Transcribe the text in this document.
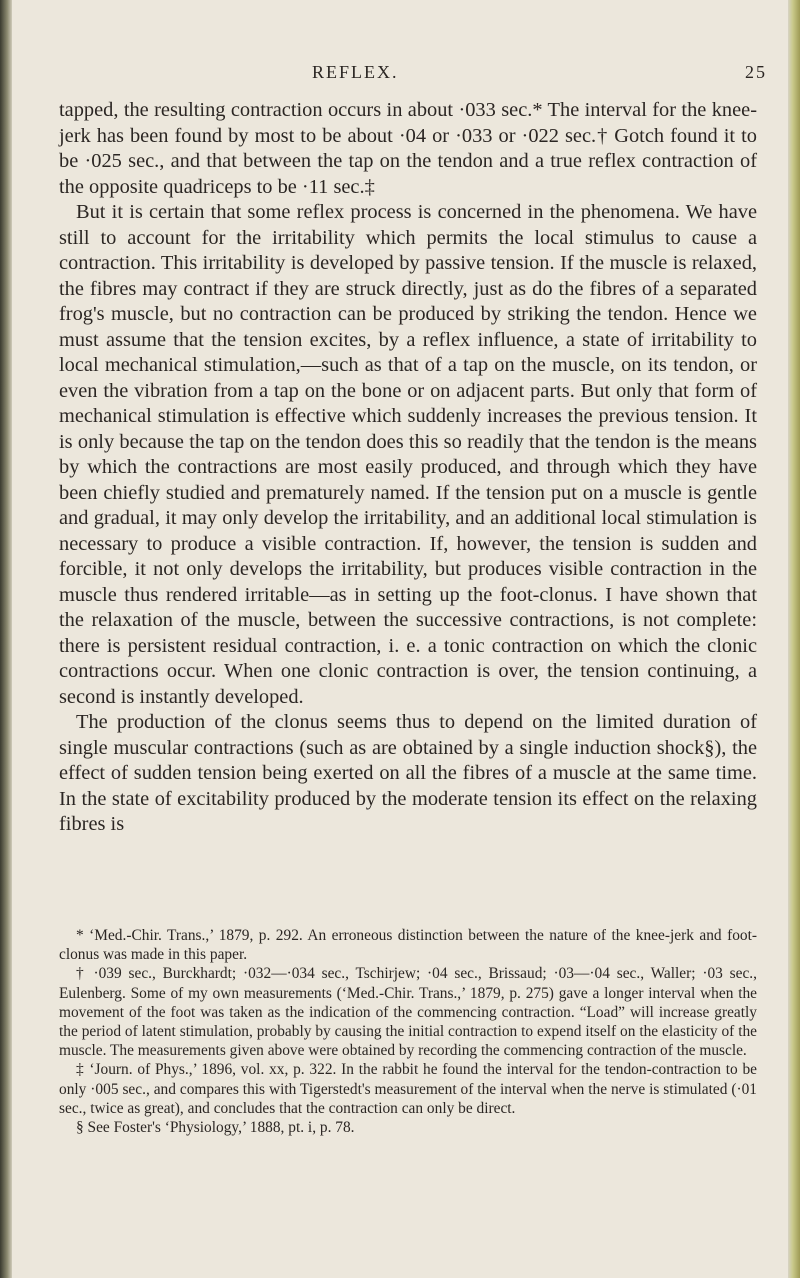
REFLEX.	25

tapped, the resulting contraction occurs in about ·033 sec.* The interval for the knee-jerk has been found by most to be about ·04 or ·033 or ·022 sec.† Gotch found it to be ·025 sec., and that between the tap on the tendon and a true reflex contraction of the opposite quadriceps to be ·11 sec.‡

But it is certain that some reflex process is concerned in the phenomena. We have still to account for the irritability which permits the local stimulus to cause a contraction. This irritability is developed by passive tension. If the muscle is relaxed, the fibres may contract if they are struck directly, just as do the fibres of a separated frog's muscle, but no contraction can be produced by striking the tendon. Hence we must assume that the tension excites, by a reflex influence, a state of irritability to local mechanical stimulation,—such as that of a tap on the muscle, on its tendon, or even the vibration from a tap on the bone or on adjacent parts. But only that form of mechanical stimulation is effective which suddenly increases the previous tension. It is only because the tap on the tendon does this so readily that the tendon is the means by which the contractions are most easily produced, and through which they have been chiefly studied and prematurely named. If the tension put on a muscle is gentle and gradual, it may only develop the irritability, and an additional local stimulation is necessary to produce a visible contraction. If, however, the tension is sudden and forcible, it not only develops the irritability, but produces visible contraction in the muscle thus rendered irritable—as in setting up the foot-clonus. I have shown that the relaxation of the muscle, between the successive contractions, is not complete: there is persistent residual contraction, i. e. a tonic contraction on which the clonic contractions occur. When one clonic contraction is over, the tension continuing, a second is instantly developed.

The production of the clonus seems thus to depend on the limited duration of single muscular contractions (such as are obtained by a single induction shock§), the effect of sudden tension being exerted on all the fibres of a muscle at the same time. In the state of excitability produced by the moderate tension its effect on the relaxing fibres is

* ‘Med.-Chir. Trans.,’ 1879, p. 292. An erroneous distinction between the nature of the knee-jerk and foot-clonus was made in this paper.

† ·039 sec., Burckhardt; ·032—·034 sec., Tschirjew; ·04 sec., Brissaud; ·03—·04 sec., Waller; ·03 sec., Eulenberg. Some of my own measurements (‘Med.-Chir. Trans.,’ 1879, p. 275) gave a longer interval when the movement of the foot was taken as the indication of the commencing contraction. “Load” will increase greatly the period of latent stimulation, probably by causing the initial contraction to expend itself on the elasticity of the muscle. The measurements given above were obtained by recording the commencing contraction of the muscle.

‡ ‘Journ. of Phys.,’ 1896, vol. xx, p. 322. In the rabbit he found the interval for the tendon-contraction to be only ·005 sec., and compares this with Tigerstedt's measurement of the interval when the nerve is stimulated (·01 sec., twice as great), and concludes that the contraction can only be direct.

§ See Foster's ‘Physiology,’ 1888, pt. i, p. 78.
